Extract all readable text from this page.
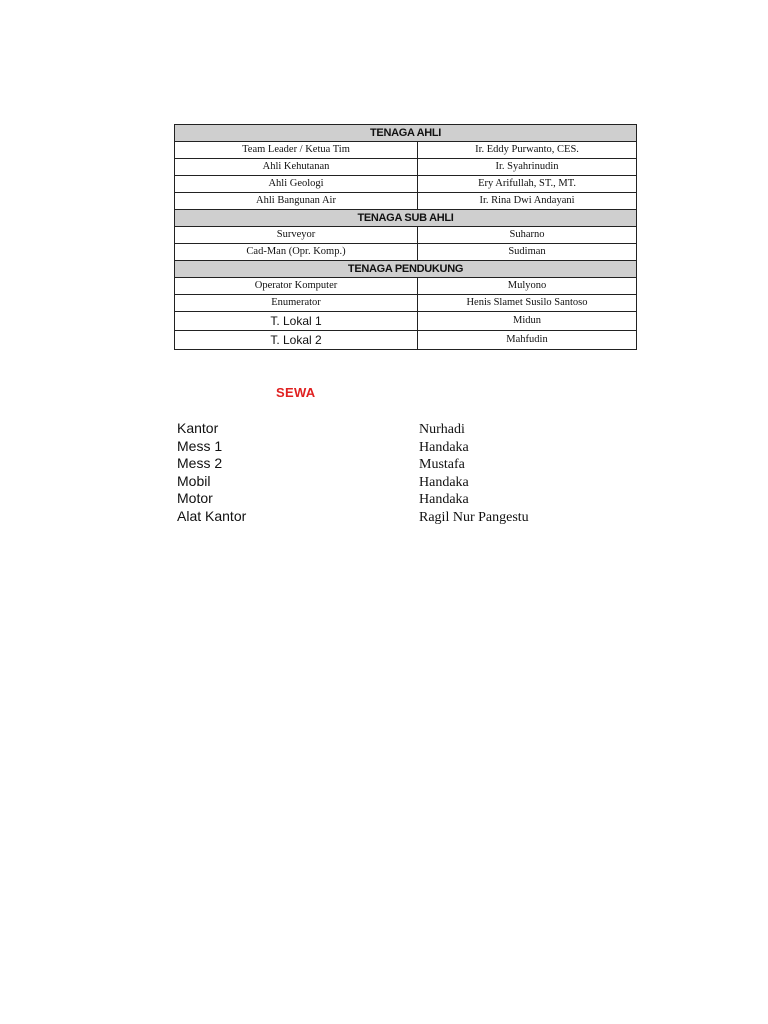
TENAGA AHLI	
Team Leader / Ketua Tim	Ir. Eddy Purwanto, CES.
Ahli Kehutanan	Ir. Syahrinudin
Ahli Geologi	Ery Arifullah, ST., MT.
Ahli Bangunan Air	Ir. Rina Dwi Andayani
TENAGA SUB AHLI	
Surveyor	Suharno
Cad-Man (Opr. Komp.)	Sudiman
TENAGA PENDUKUNG	
Operator Komputer	Mulyono
Enumerator	Henis Slamet Susilo Santoso
T. Lokal 1	Midun
T. Lokal 2	Mahfudin
SEWA
Kantor	Nurhadi
Mess 1	Handaka
Mess 2	Mustafa
Mobil	Handaka
Motor	Handaka
Alat Kantor	Ragil Nur Pangestu
